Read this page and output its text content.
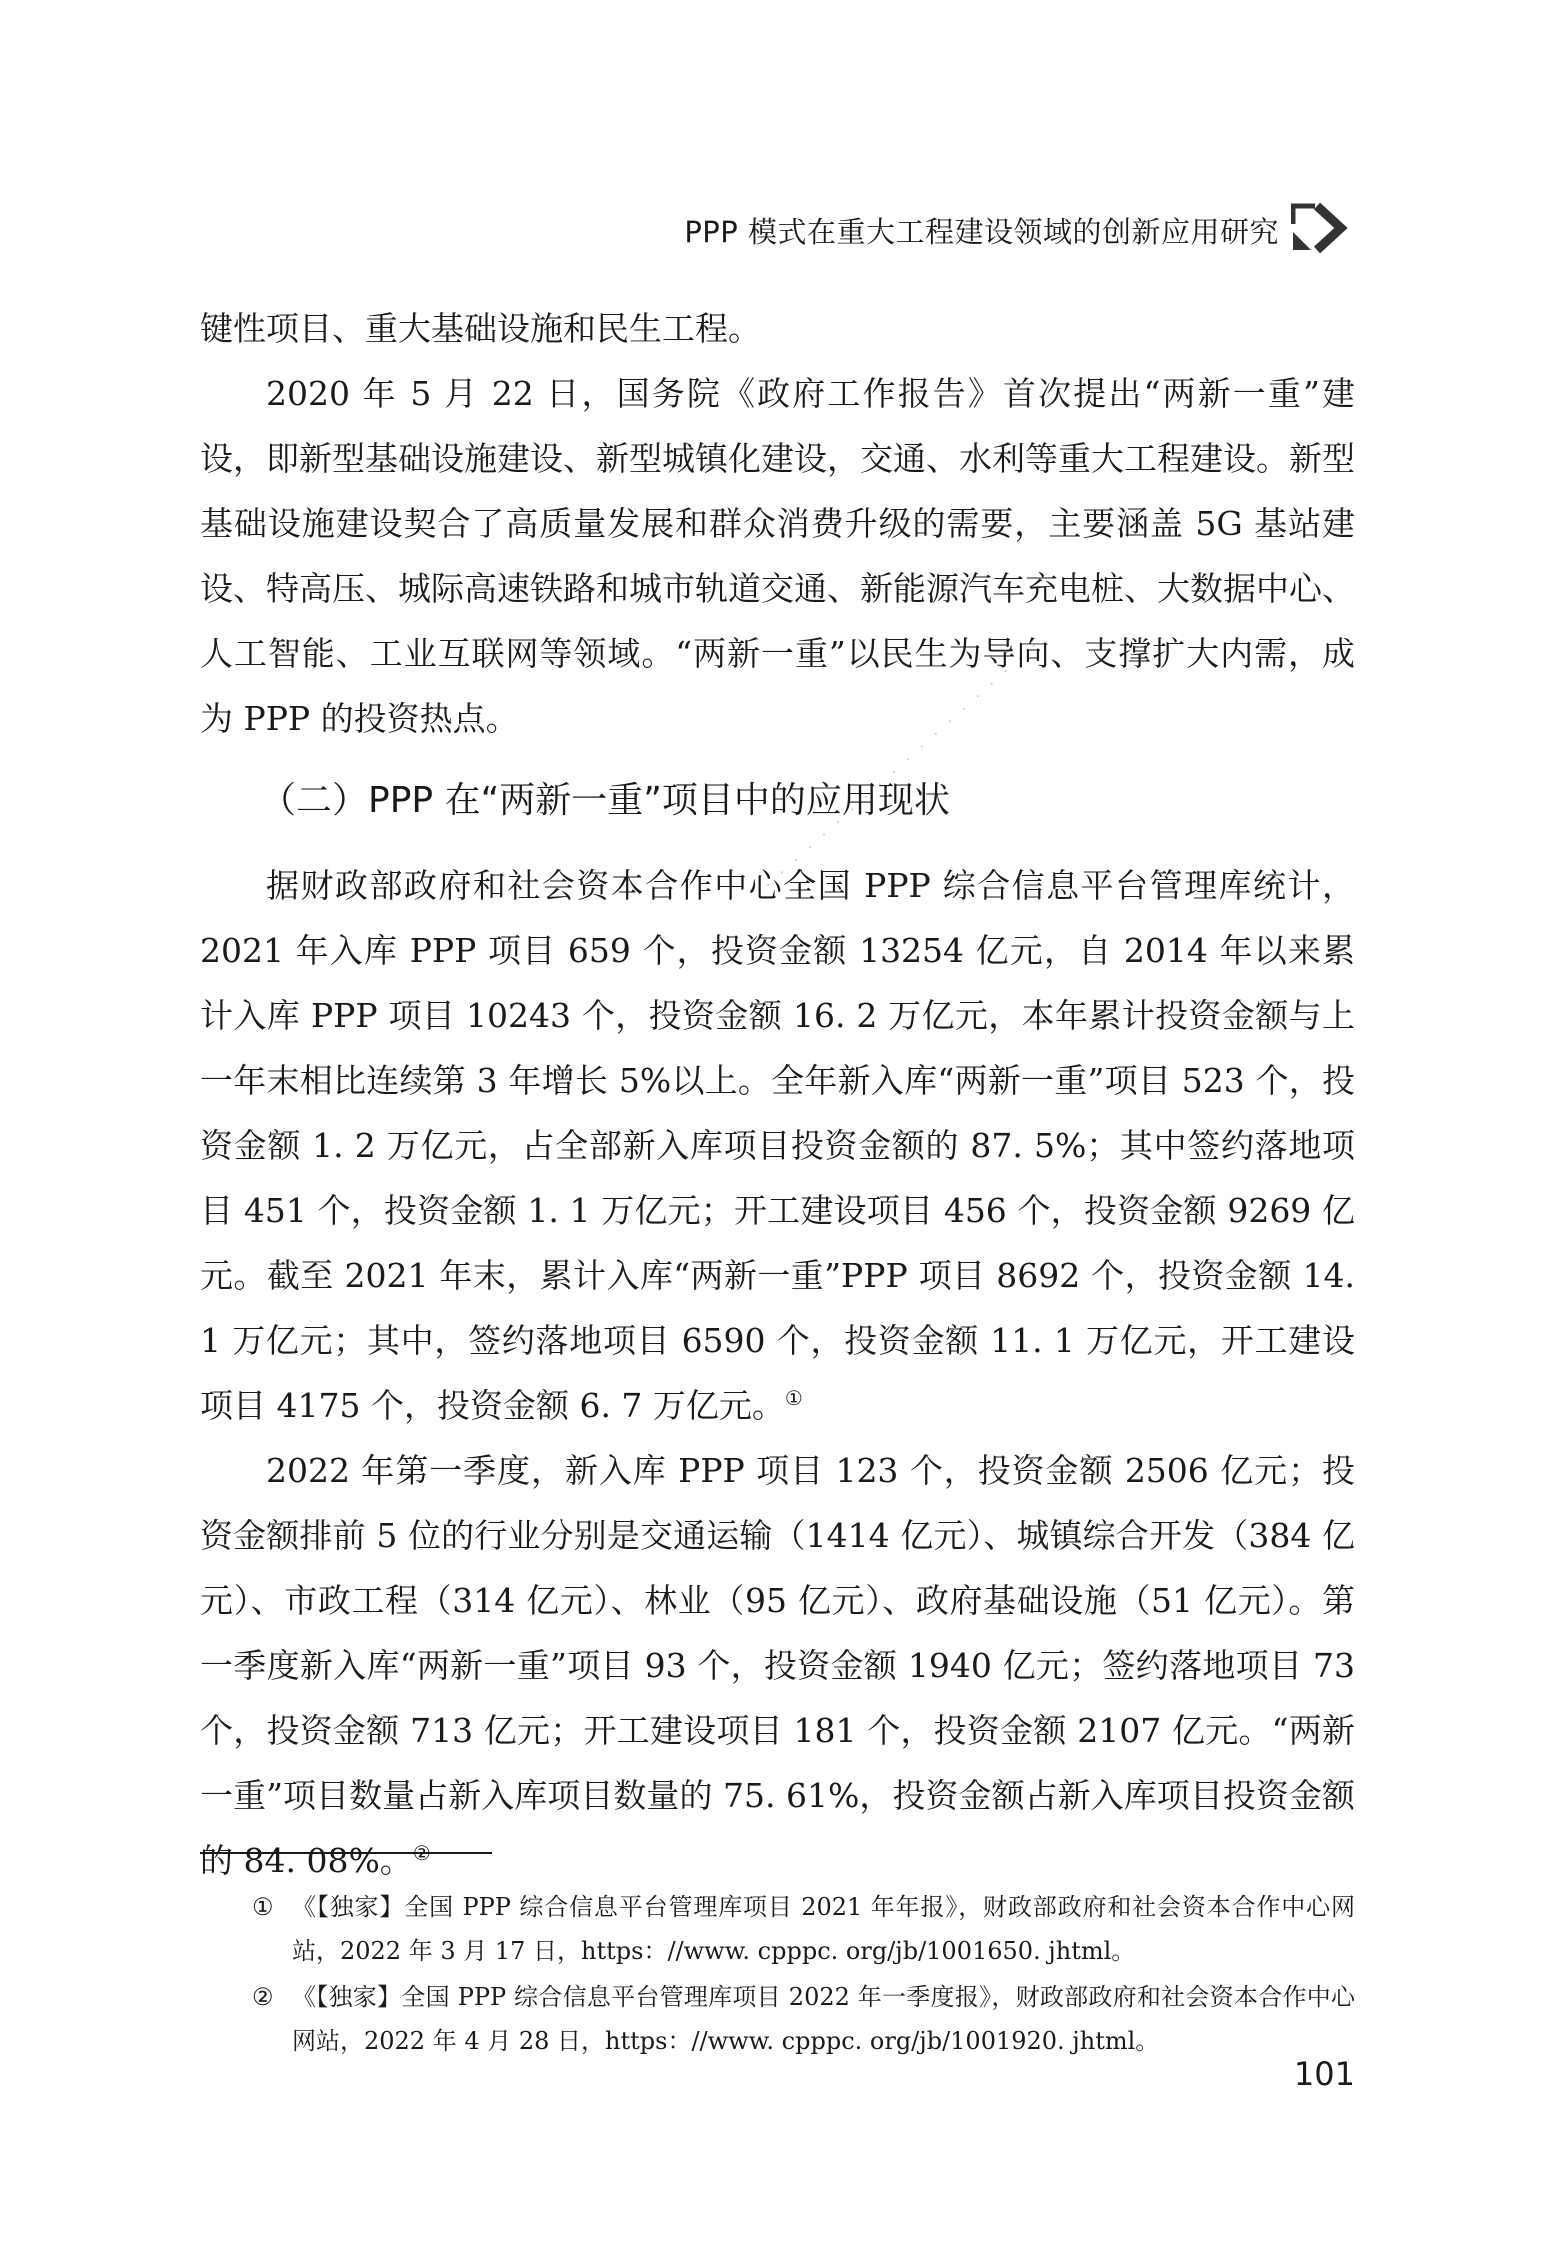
PPP 模式在重大工程建设领域的创新应用研究
· · · · · · · · · · · · · · · · · · · ·

键性项目、重大基础设施和民生工程。

2020 年 5 月 22 日，国务院《政府工作报告》首次提出“两新一重”建设，即新型基础设施建设、新型城镇化建设，交通、水利等重大工程建设。新型基础设施建设契合了高质量发展和群众消费升级的需要，主要涵盖 5G 基站建设、特高压、城际高速铁路和城市轨道交通、新能源汽车充电桩、大数据中心、人工智能、工业互联网等领域。“两新一重”以民生为导向、支撑扩大内需，成为 PPP 的投资热点。

（二）PPP 在“两新一重”项目中的应用现状

据财政部政府和社会资本合作中心全国 PPP 综合信息平台管理库统计，2021 年入库 PPP 项目 659 个，投资金额 13254 亿元，自 2014 年以来累计入库 PPP 项目 10243 个，投资金额 16. 2 万亿元，本年累计投资金额与上一年末相比连续第 3 年增长 5%以上。全年新入库“两新一重”项目 523 个，投资金额 1. 2 万亿元，占全部新入库项目投资金额的 87. 5%；其中签约落地项目 451 个，投资金额 1. 1 万亿元；开工建设项目 456 个，投资金额 9269 亿元。截至 2021 年末，累计入库“两新一重”PPP 项目 8692 个，投资金额 14. 1 万亿元；其中，签约落地项目 6590 个，投资金额 11. 1 万亿元，开工建设项目 4175 个，投资金额 6. 7 万亿元。①

2022 年第一季度，新入库 PPP 项目 123 个，投资金额 2506 亿元；投资金额排前 5 位的行业分别是交通运输（1414 亿元）、城镇综合开发（384 亿元）、市政工程（314 亿元）、林业（95 亿元）、政府基础设施（51 亿元）。第一季度新入库“两新一重”项目 93 个，投资金额 1940 亿元；签约落地项目 73 个，投资金额 713 亿元；开工建设项目 181 个，投资金额 2107 亿元。“两新一重”项目数量占新入库项目数量的 75. 61%，投资金额占新入库项目投资金额的 84. 08%。②

① 《【独家】全国 PPP 综合信息平台管理库项目 2021 年年报》，财政部政府和社会资本合作中心网站，2022 年 3 月 17 日，https：//www. cpppc. org/jb/1001650. jhtml。
② 《【独家】全国 PPP 综合信息平台管理库项目 2022 年一季度报》，财政部政府和社会资本合作中心网站，2022 年 4 月 28 日，https：//www. cpppc. org/jb/1001920. jhtml。
101
